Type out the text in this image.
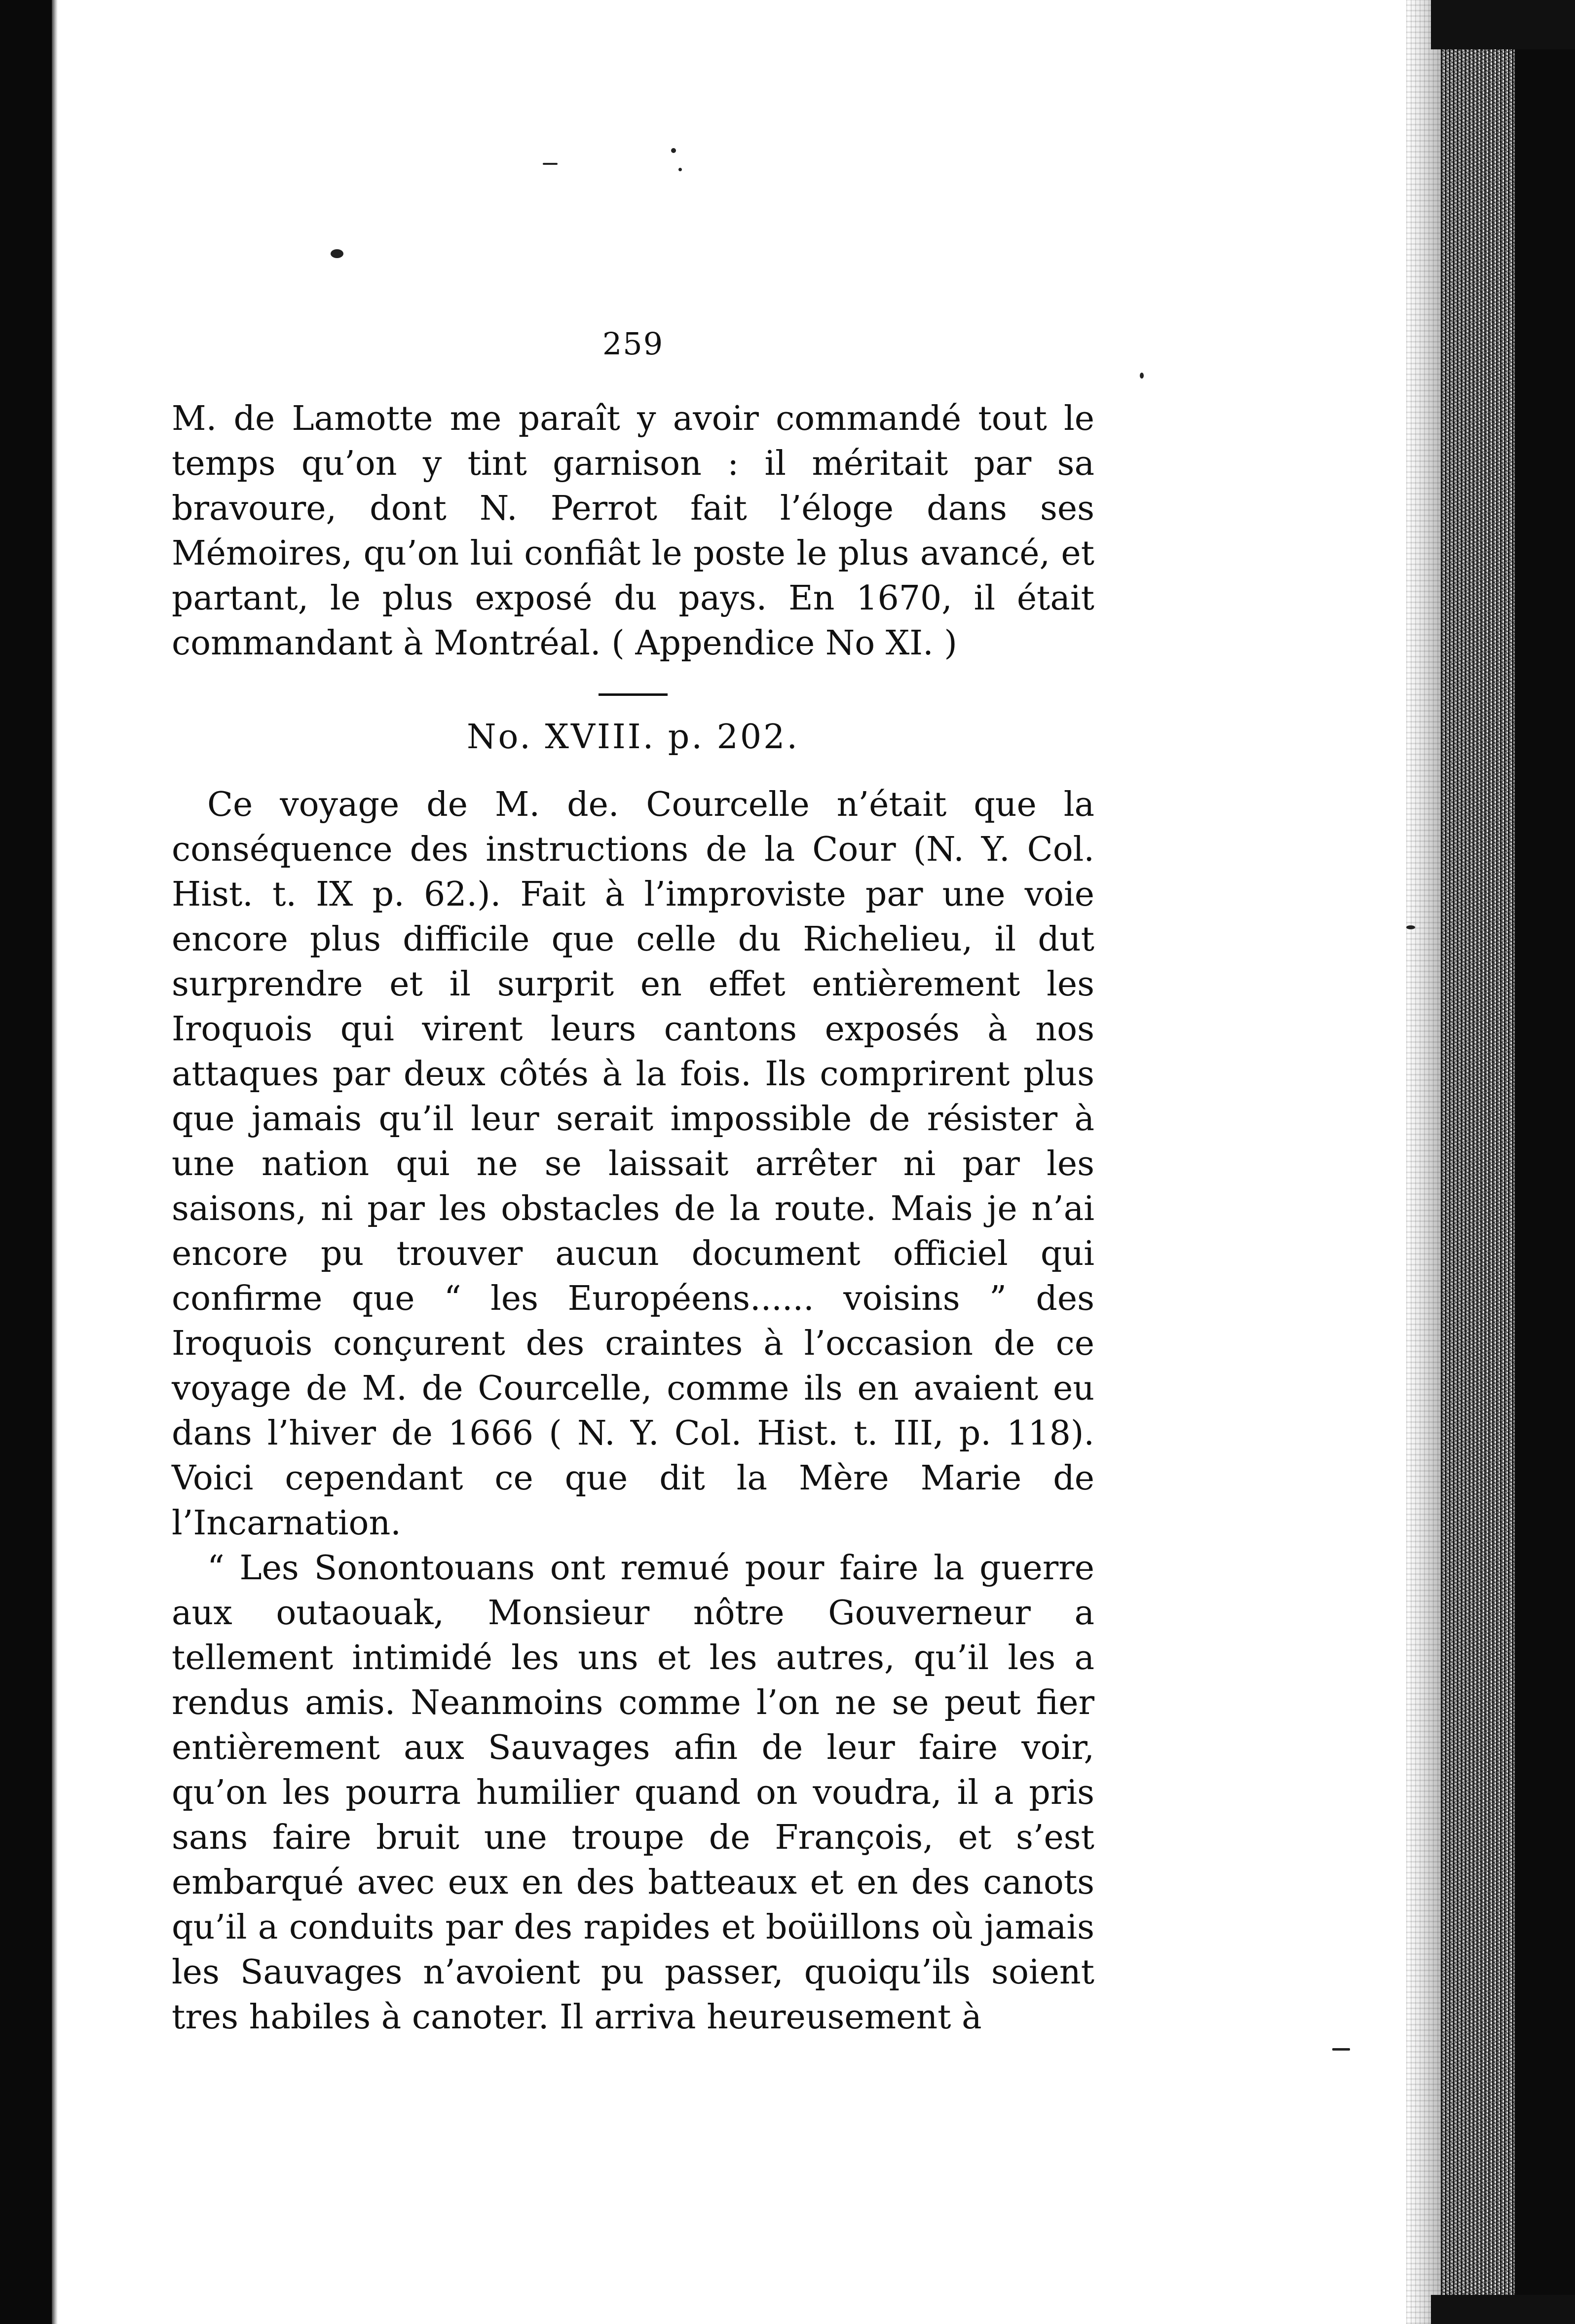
259

M. de Lamotte me paraît y avoir commandé tout le temps qu’on y tint garnison : il méritait par sa bravoure, dont N. Perrot fait l’éloge dans ses Mémoires, qu’on lui confiât le poste le plus avancé, et partant, le plus exposé du pays. En 1670, il était commandant à Montréal. ( Appendice No XI. )

No. XVIII. p. 202.

Ce voyage de M. de. Courcelle n’était que la conséquence des instructions de la Cour (N. Y. Col. Hist. t. IX p. 62.). Fait à l’improviste par une voie encore plus difficile que celle du Richelieu, il dut surprendre et il surprit en effet entièrement les Iroquois qui virent leurs cantons exposés à nos attaques par deux côtés à la fois. Ils comprirent plus que jamais qu’il leur serait impossible de résister à une nation qui ne se laissait arrêter ni par les saisons, ni par les obstacles de la route. Mais je n’ai encore pu trouver aucun document officiel qui confirme que “ les Européens...... voisins ” des Iroquois conçurent des craintes à l’occasion de ce voyage de M. de Courcelle, comme ils en avaient eu dans l’hiver de 1666 ( N. Y. Col. Hist. t. III, p. 118). Voici cependant ce que dit la Mère Marie de l’Incarnation.

“ Les Sonontouans ont remué pour faire la guerre aux outaouak, Monsieur nôtre Gouverneur a tellement intimidé les uns et les autres, qu’il les a rendus amis. Neanmoins comme l’on ne se peut fier entièrement aux Sauvages afin de leur faire voir, qu’on les pourra humilier quand on voudra, il a pris sans faire bruit une troupe de François, et s’est embarqué avec eux en des batteaux et en des canots qu’il a conduits par des rapides et boüillons où jamais les Sauvages n’avoient pu passer, quoiqu’ils soient tres habiles à canoter. Il arriva heureusement à
